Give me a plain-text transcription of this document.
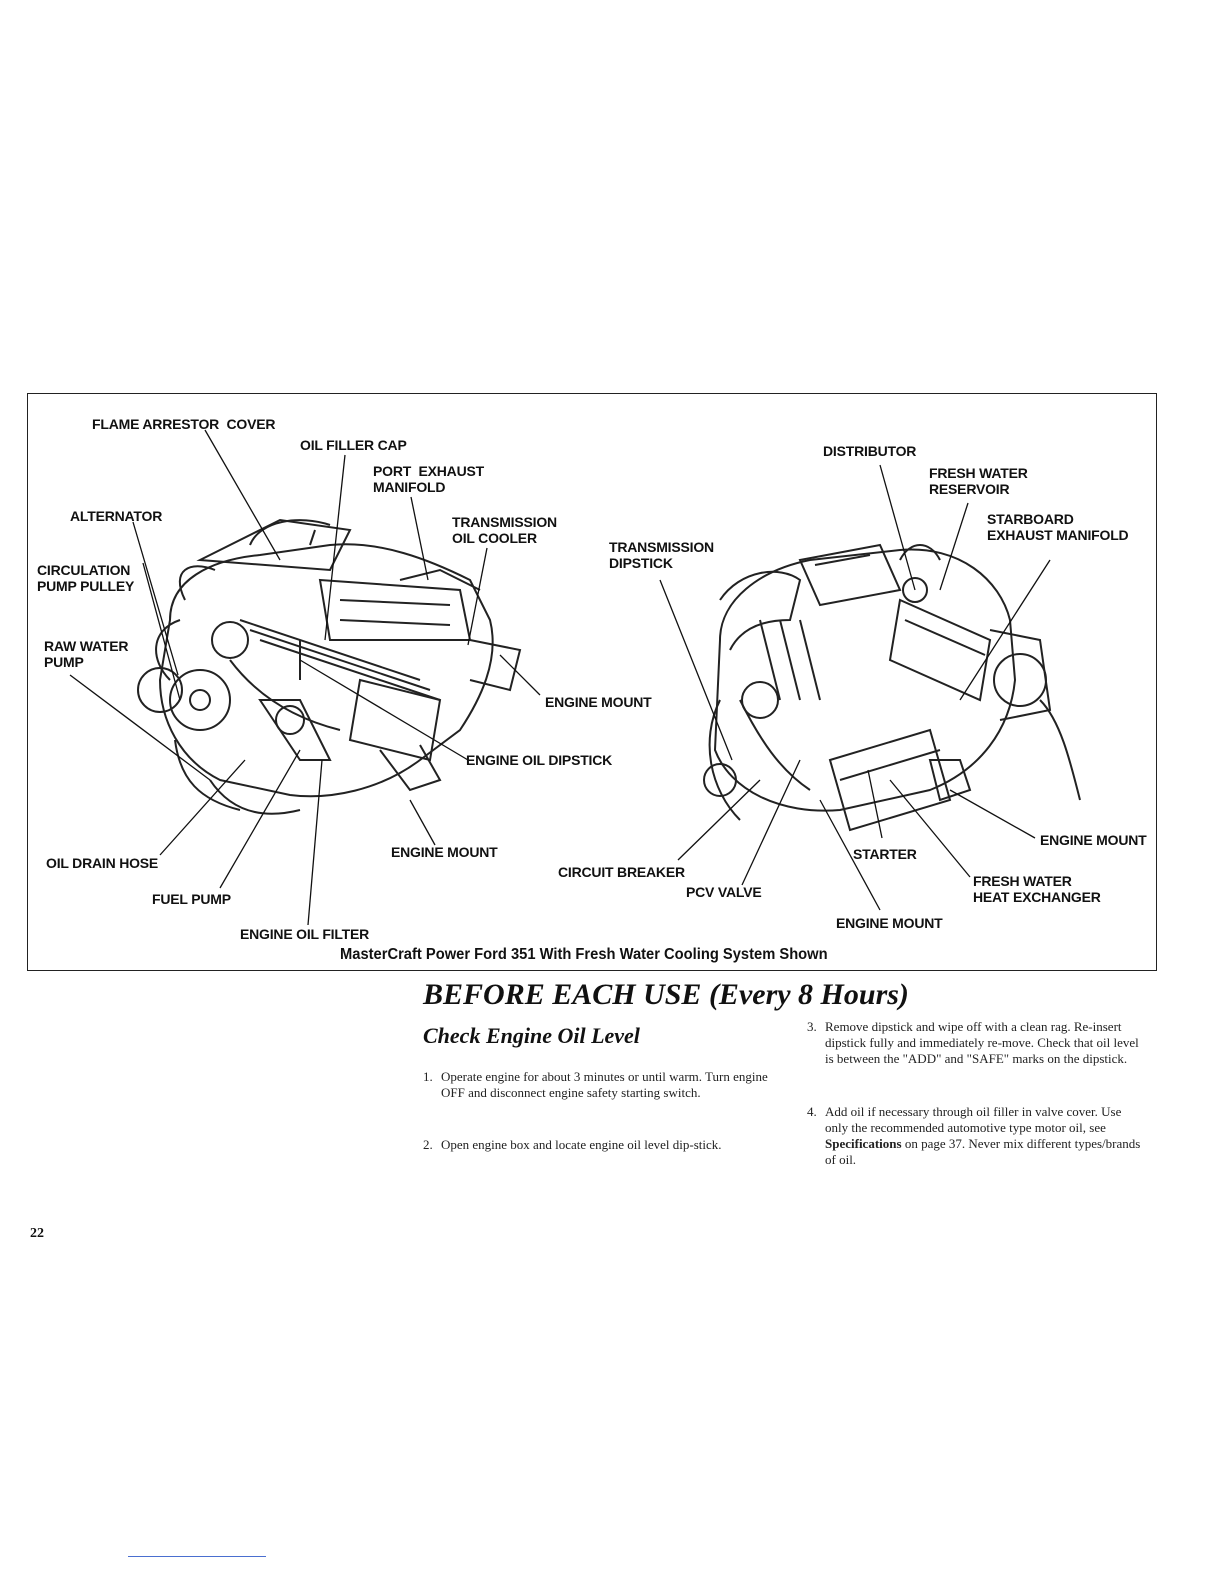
FLAME ARRESTOR  COVER
OIL FILLER CAP
PORT  EXHAUST
MANIFOLD
ALTERNATOR	TRANSMISSION
OIL COOLER
CIRCULATION
PUMP PULLEY
RAW WATER
PUMP
ENGINE MOUNT
ENGINE OIL DIPSTICK
OIL DRAIN HOSE
ENGINE MOUNT
FUEL PUMP
ENGINE OIL FILTER
TRANSMISSION
DIPSTICK
DISTRIBUTOR
FRESH WATER
RESERVOIR
STARBOARD
EXHAUST MANIFOLD
ENGINE MOUNT
STARTER
CIRCUIT BREAKER
PCV VALVE
FRESH WATER
HEAT EXCHANGER
ENGINE MOUNT
MasterCraft Power Ford 351 With Fresh Water Cooling System Shown
BEFORE EACH USE (Every 8 Hours)
Check Engine Oil Level
1. Operate engine for about 3 minutes or until warm. Turn engine OFF and disconnect engine safety starting switch.
2. Open engine box and locate engine oil level dip-stick.
3. Remove dipstick and wipe off with a clean rag. Re-insert dipstick fully and immediately re-move. Check that oil level is between the "ADD" and "SAFE" marks on the dipstick.
4. Add oil if necessary through oil filler in valve cover. Use only the recommended automotive type motor oil, see Specifications on page 37. Never mix different types/brands of oil.
22
